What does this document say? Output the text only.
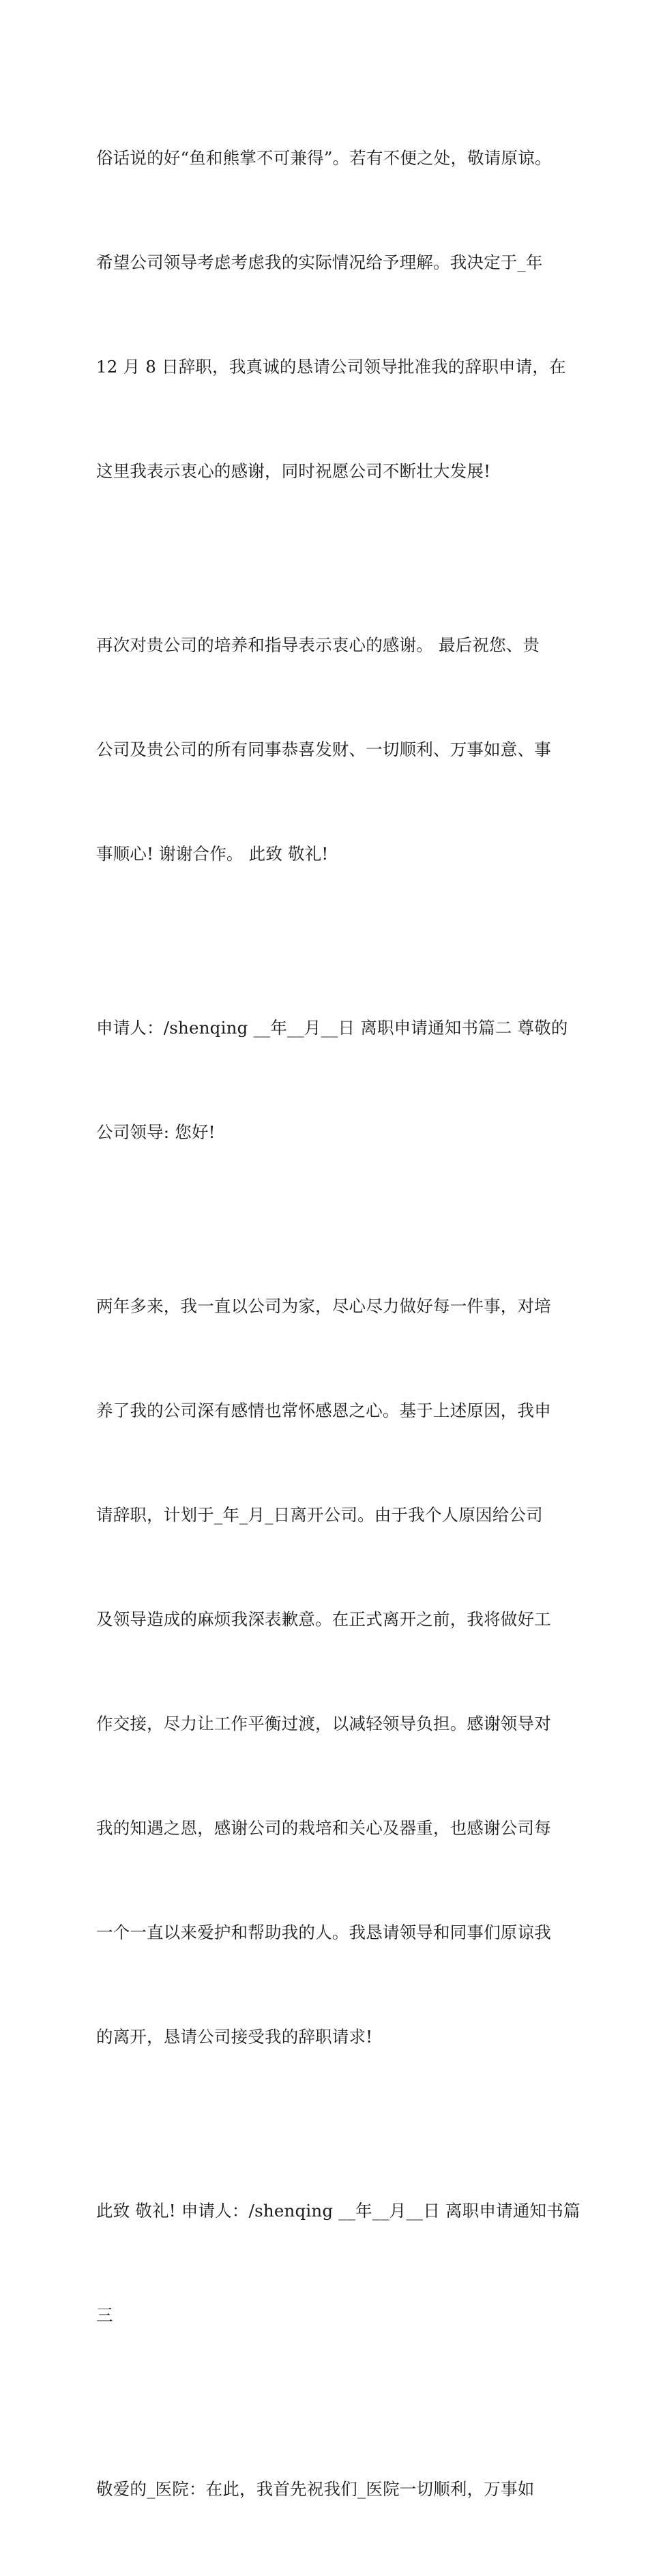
俗话说的好“鱼和熊掌不可兼得”。若有不便之处，敬请原谅。

希望公司领导考虑考虑我的实际情况给予理解。我决定于_年

12 月 8 日辞职，我真诚的恳请公司领导批准我的辞职申请，在

这里我表示衷心的感谢，同时祝愿公司不断壮大发展!

再次对贵公司的培养和指导表示衷心的感谢。 最后祝您、贵

公司及贵公司的所有同事恭喜发财、一切顺利、万事如意、事

事顺心! 谢谢合作。 此致 敬礼!

申请人：/shenqing __年__月__日 离职申请通知书篇二 尊敬的

公司领导: 您好!

两年多来，我一直以公司为家，尽心尽力做好每一件事，对培

养了我的公司深有感情也常怀感恩之心。基于上述原因，我申

请辞职，计划于_年_月_日离开公司。由于我个人原因给公司

及领导造成的麻烦我深表歉意。在正式离开之前，我将做好工

作交接，尽力让工作平衡过渡，以减轻领导负担。感谢领导对

我的知遇之恩，感谢公司的栽培和关心及器重，也感谢公司每

一个一直以来爱护和帮助我的人。我恳请领导和同事们原谅我

的离开，恳请公司接受我的辞职请求!

此致 敬礼! 申请人：/shenqing __年__月__日 离职申请通知书篇

三

敬爱的_医院：在此，我首先祝我们_医院一切顺利，万事如
